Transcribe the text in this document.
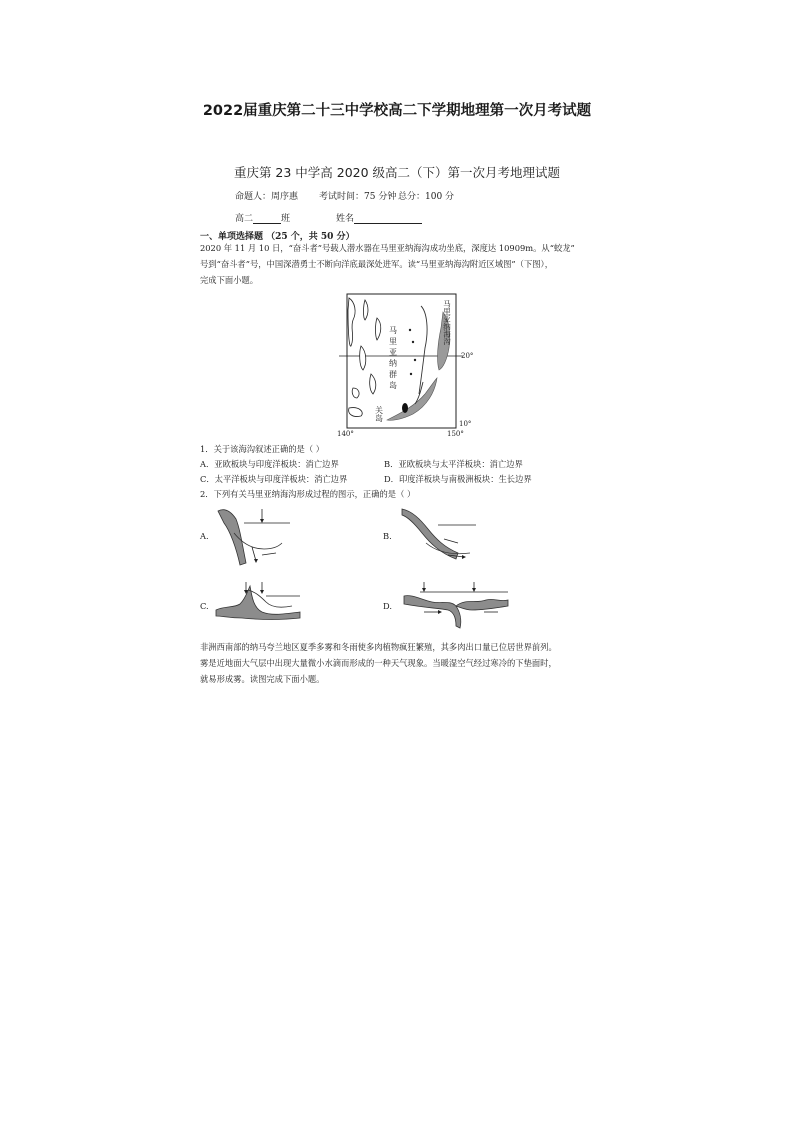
2022届重庆第二十三中学校高二下学期地理第一次月考试题
重庆第 23 中学高 2020 级高二（下）第一次月考地理试题
命题人：周序惠 考试时间：75 分钟 总分：100 分
高二	班	姓名
一、单项选择题 （25 个，共 50 分）
2020 年 11 月 10 日，“奋斗者”号载人潜水器在马里亚纳海沟成功坐底，深度达 10909m。从“蛟龙”
号到“奋斗者”号，中国深潜勇士不断向洋底最深处进军。读“马里亚纳海沟附近区域图”（下图），
完成下面小题。
马里亚纳海沟
马里亚纳群岛
关岛
20°
10°
140°	150°
1．关于该海沟叙述正确的是（ ）
A．亚欧板块与印度洋板块：消亡边界	B．亚欧板块与太平洋板块：消亡边界
C．太平洋板块与印度洋板块：消亡边界	D．印度洋板块与南极洲板块：生长边界
2．下列有关马里亚纳海沟形成过程的图示，正确的是（ ）
A.	B.
C.	D.
非洲西南部的纳马夸兰地区夏季多雾和冬雨使多肉植物疯狂繁殖，其多肉出口量已位居世界前列。
雾是近地面大气层中出现大量微小水滴而形成的一种天气现象。当暖湿空气经过寒冷的下垫面时，
就易形成雾。读图完成下面小题。
